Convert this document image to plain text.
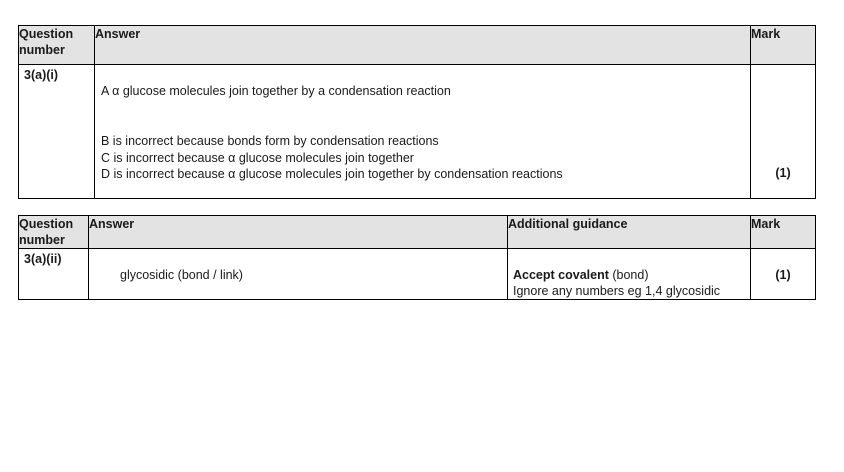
Question number	Answer	Mark
3(a)(i)	A α glucose molecules join together by a condensation reaction
B is incorrect because bonds form by condensation reactions
C is incorrect because α glucose molecules join together
D is incorrect because α glucose molecules join together by condensation reactions	(1)
Question number	Answer	Additional guidance	Mark
3(a)(ii)	glycosidic (bond / link)	Accept covalent (bond)
Ignore any numbers eg 1,4 glycosidic	(1)
